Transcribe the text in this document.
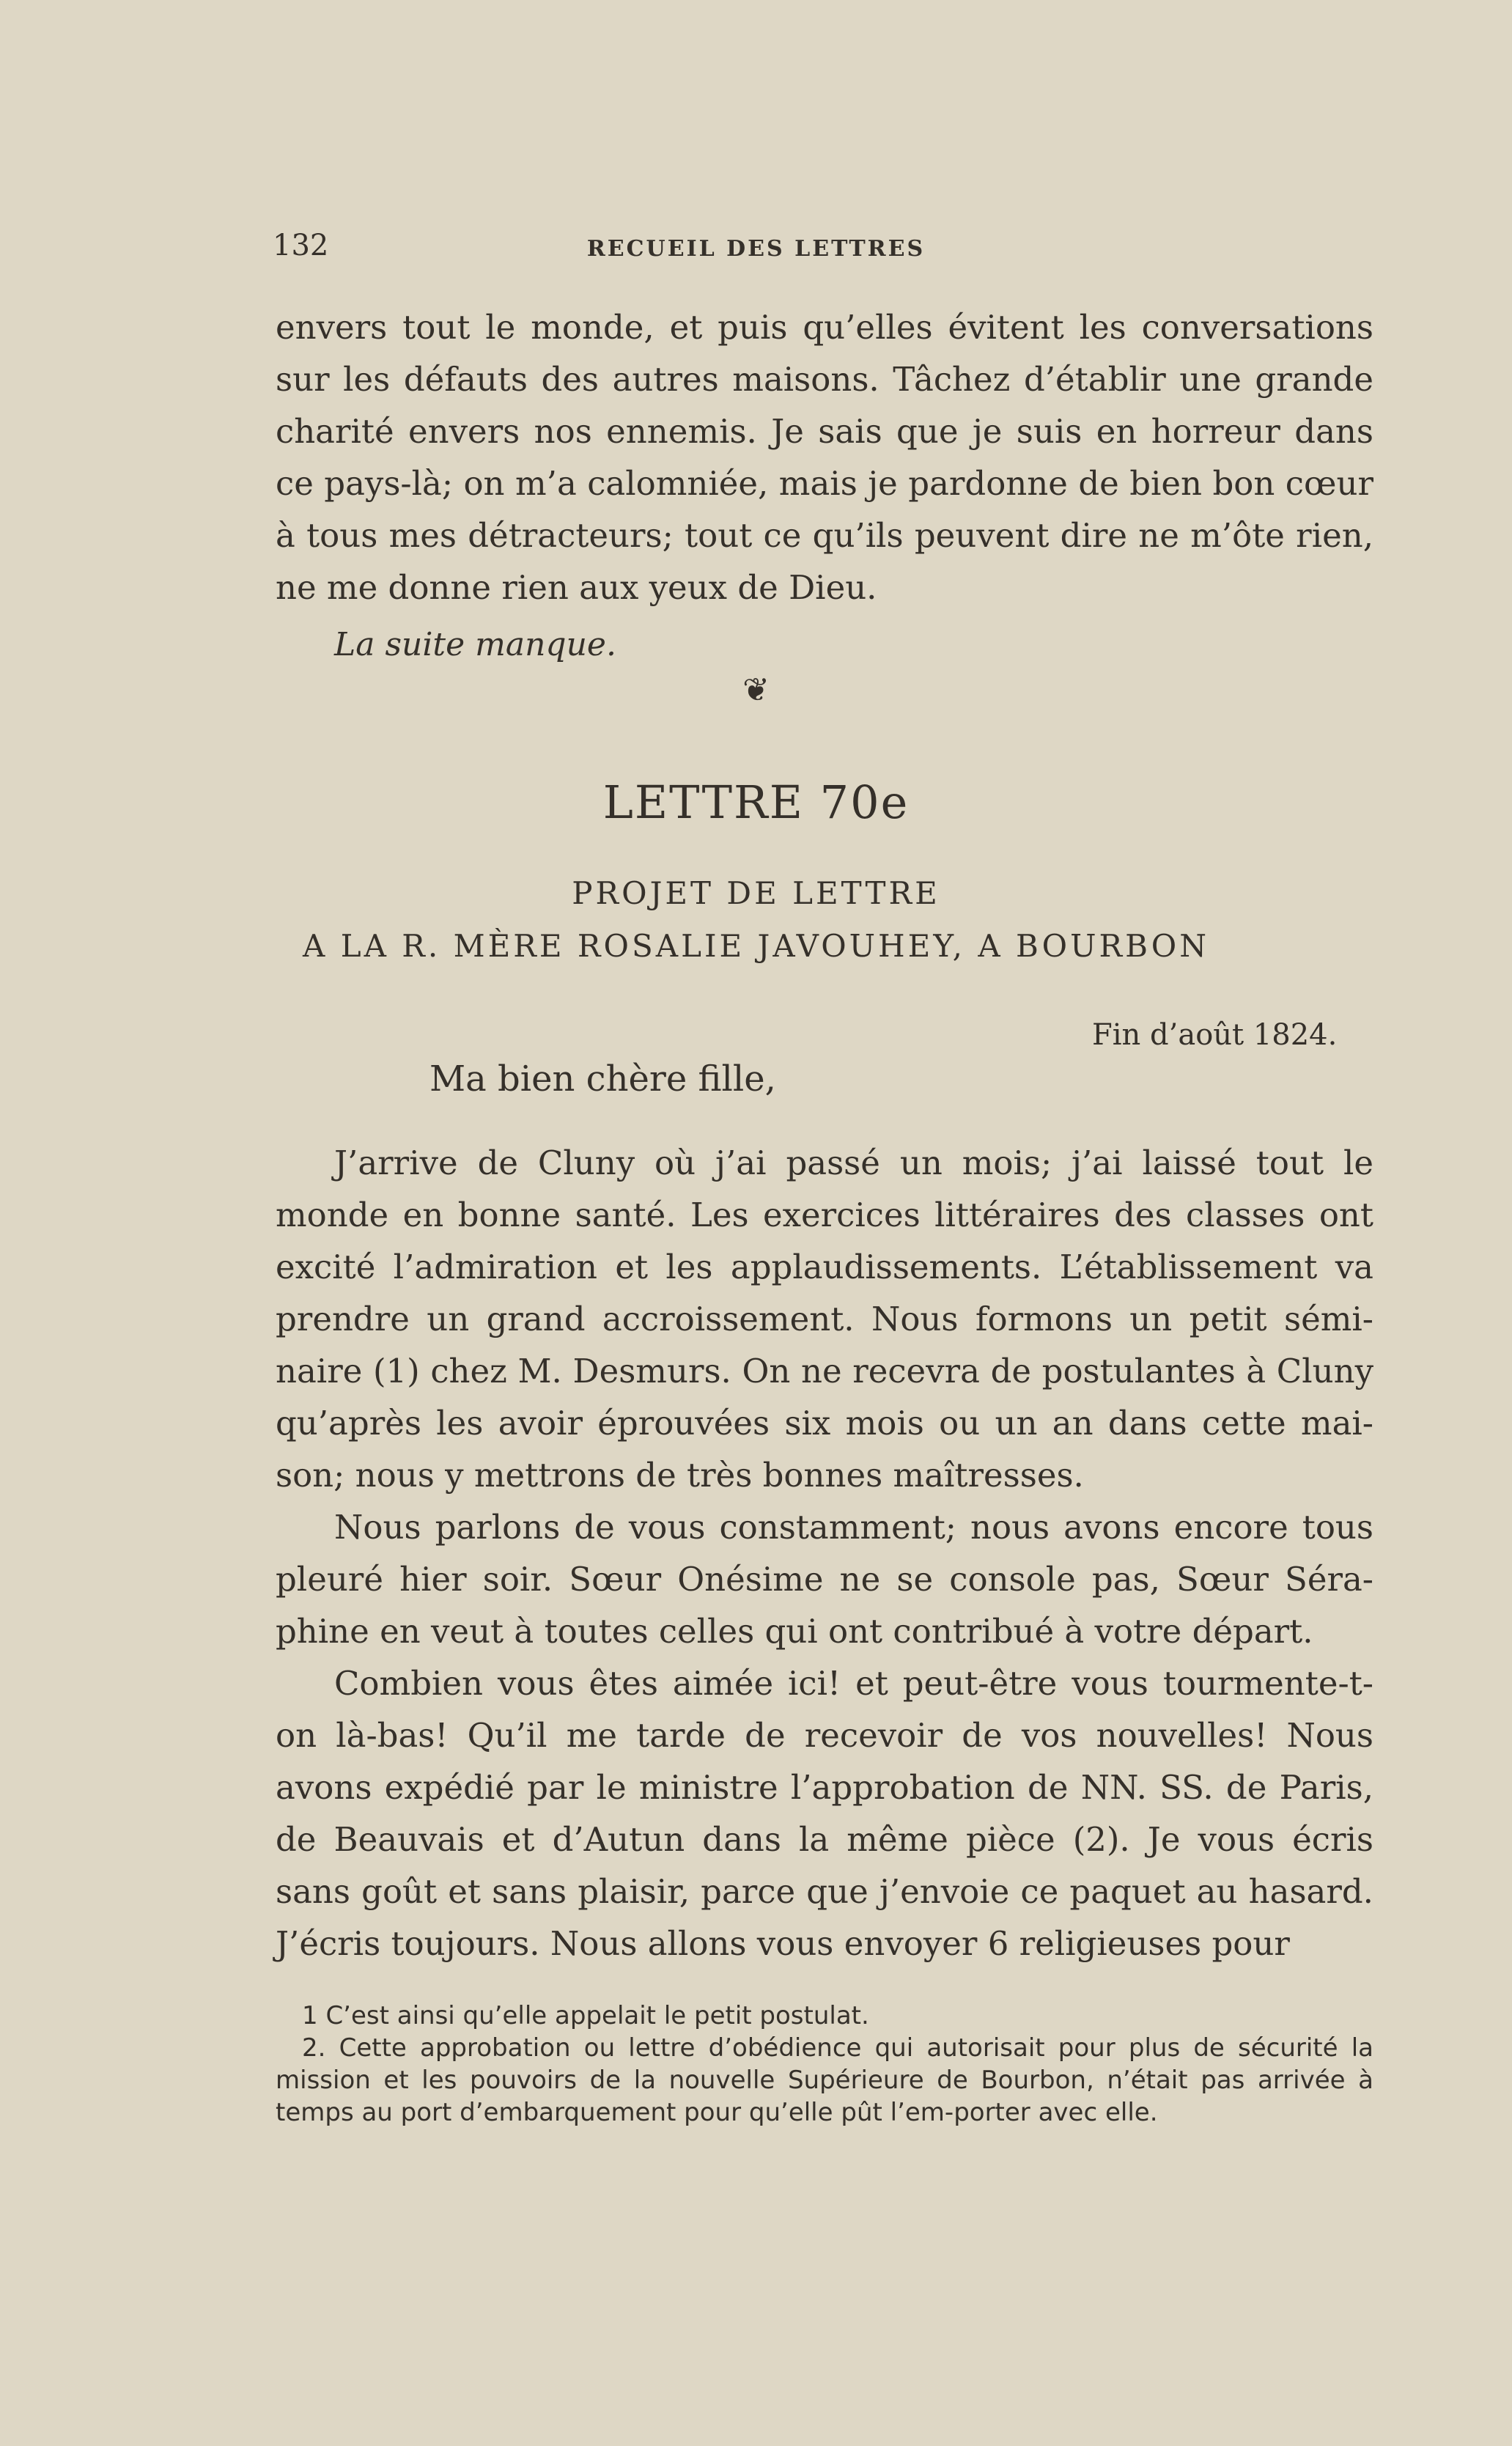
132	RECUEIL DES LETTRES

envers tout le monde, et puis qu’elles évitent les conversations sur les défauts des autres maisons. Tâchez d’établir une grande charité envers nos ennemis. Je sais que je suis en horreur dans ce pays-là; on m’a calomniée, mais je pardonne de bien bon cœur à tous mes détracteurs; tout ce qu’ils peuvent dire ne m’ôte rien, ne me donne rien aux yeux de Dieu.

La suite manque.
❦
LETTRE 70e
PROJET DE LETTRE
A LA R. MÈRE ROSALIE JAVOUHEY, A BOURBON
Fin d’août 1824.
Ma bien chère fille,

J’arrive de Cluny où j’ai passé un mois; j’ai laissé tout le monde en bonne santé. Les exercices littéraires des classes ont excité l’admiration et les applaudissements. L’établissement va prendre un grand accroissement. Nous formons un petit sémi-naire (1) chez M. Desmurs. On ne recevra de postulantes à Cluny qu’après les avoir éprouvées six mois ou un an dans cette mai-son; nous y mettrons de très bonnes maîtresses.

Nous parlons de vous constamment; nous avons encore tous pleuré hier soir. Sœur Onésime ne se console pas, Sœur Séra-phine en veut à toutes celles qui ont contribué à votre départ.

Combien vous êtes aimée ici! et peut-être vous tourmente-t-on là-bas! Qu’il me tarde de recevoir de vos nouvelles! Nous avons expédié par le ministre l’approbation de NN. SS. de Paris, de Beauvais et d’Autun dans la même pièce (2). Je vous écris sans goût et sans plaisir, parce que j’envoie ce paquet au hasard. J’écris toujours. Nous allons vous envoyer 6 religieuses pour

1 C’est ainsi qu’elle appelait le petit postulat.

2. Cette approbation ou lettre d’obédience qui autorisait pour plus de sécurité la mission et les pouvoirs de la nouvelle Supérieure de Bourbon, n’était pas arrivée à temps au port d’embarquement pour qu’elle pût l’em-porter avec elle.
